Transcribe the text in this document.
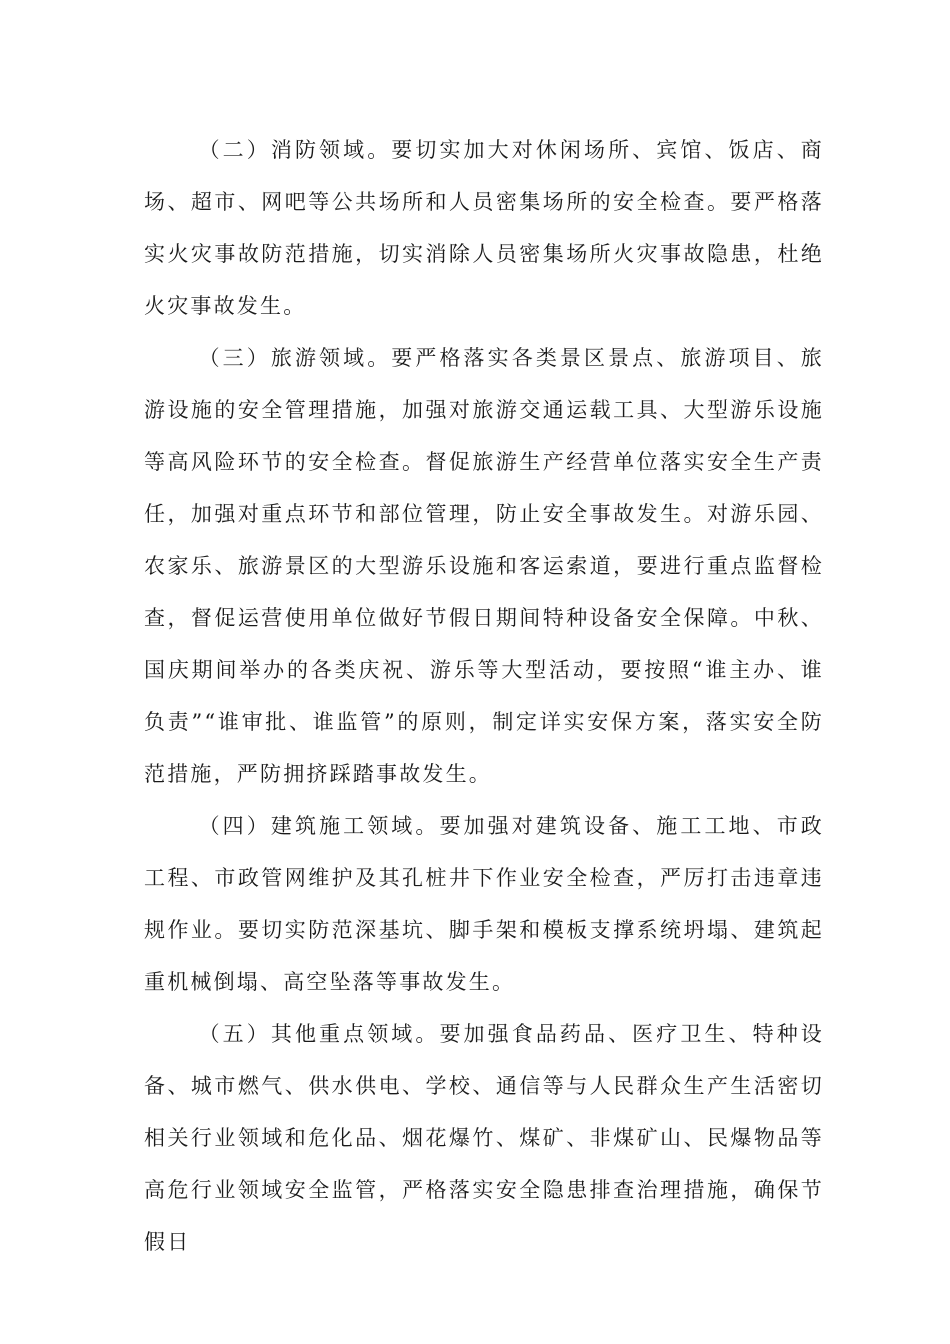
（二）消防领域。要切实加大对休闲场所、宾馆、饭店、商场、超市、网吧等公共场所和人员密集场所的安全检查。要严格落实火灾事故防范措施，切实消除人员密集场所火灾事故隐患，杜绝火灾事故发生。

（三）旅游领域。要严格落实各类景区景点、旅游项目、旅游设施的安全管理措施，加强对旅游交通运载工具、大型游乐设施等高风险环节的安全检查。督促旅游生产经营单位落实安全生产责任，加强对重点环节和部位管理，防止安全事故发生。对游乐园、农家乐、旅游景区的大型游乐设施和客运索道，要进行重点监督检查，督促运营使用单位做好节假日期间特种设备安全保障。中秋、国庆期间举办的各类庆祝、游乐等大型活动，要按照“谁主办、谁负责”“谁审批、谁监管”的原则，制定详实安保方案，落实安全防范措施，严防拥挤踩踏事故发生。

（四）建筑施工领域。要加强对建筑设备、施工工地、市政工程、市政管网维护及其孔桩井下作业安全检查，严厉打击违章违规作业。要切实防范深基坑、脚手架和模板支撑系统坍塌、建筑起重机械倒塌、高空坠落等事故发生。

（五）其他重点领域。要加强食品药品、医疗卫生、特种设备、城市燃气、供水供电、学校、通信等与人民群众生产生活密切相关行业领域和危化品、烟花爆竹、煤矿、非煤矿山、民爆物品等高危行业领域安全监管，严格落实安全隐患排查治理措施，确保节假日
